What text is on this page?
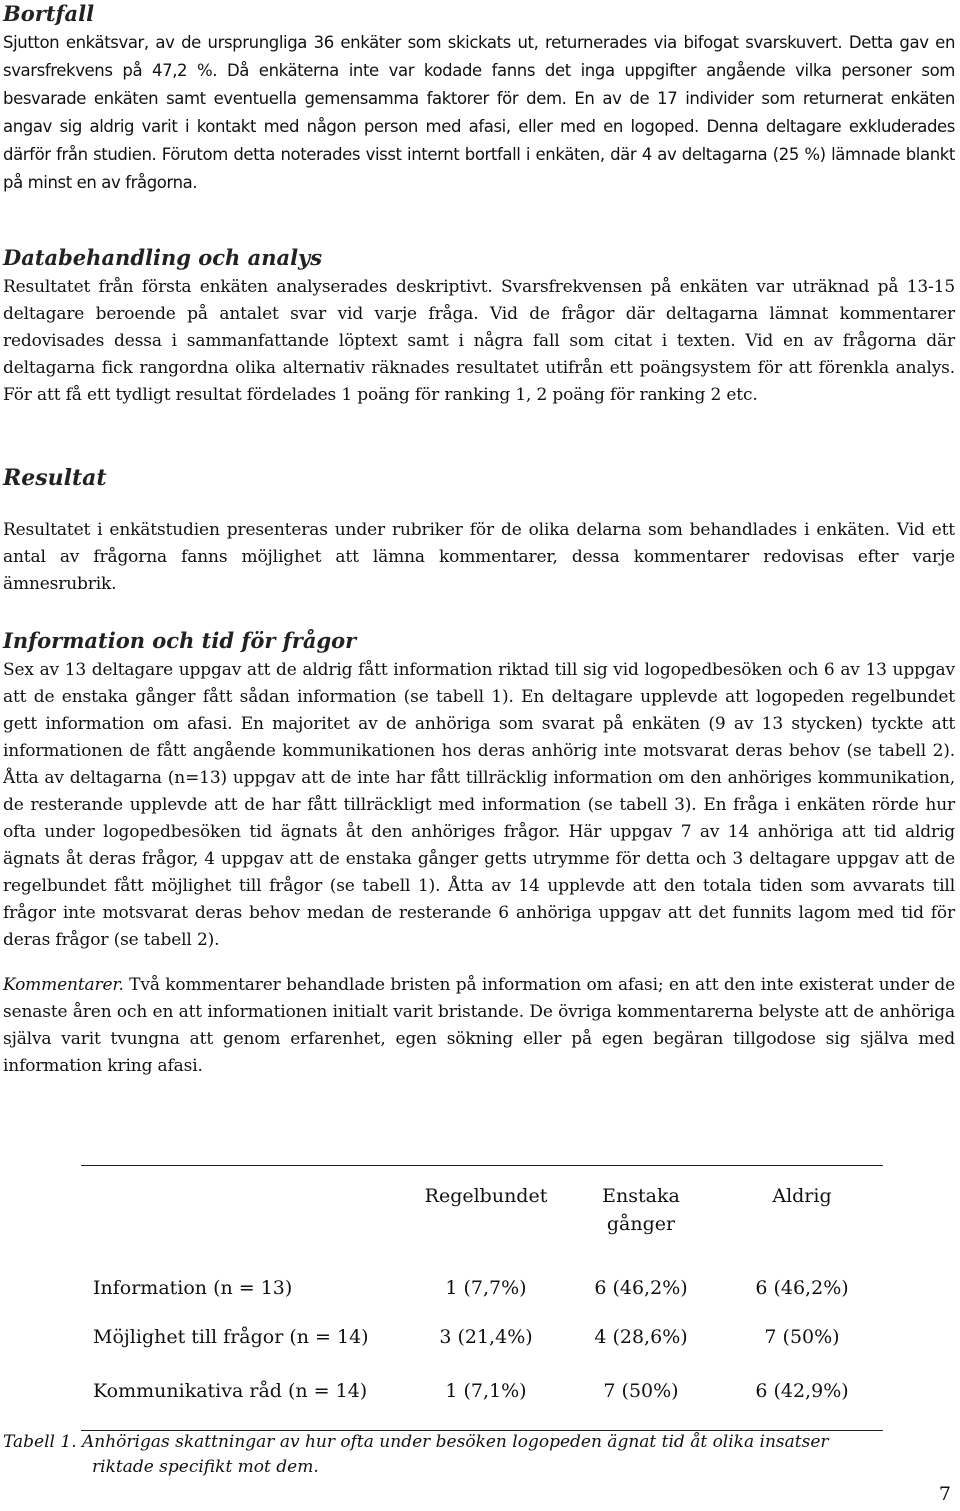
Bortfall

Sjutton enkätsvar, av de ursprungliga 36 enkäter som skickats ut, returnerades via bifogat svarskuvert. Detta gav en svarsfrekvens på 47,2 %. Då enkäterna inte var kodade fanns det inga uppgifter angående vilka personer som besvarade enkäten samt eventuella gemensamma faktorer för dem. En av de 17 individer som returnerat enkäten angav sig aldrig varit i kontakt med någon person med afasi, eller med en logoped. Denna deltagare exkluderades därför från studien. Förutom detta noterades visst internt bortfall i enkäten, där 4 av deltagarna (25 %) lämnade blankt på minst en av frågorna.

Databehandling och analys

Resultatet från första enkäten analyserades deskriptivt. Svarsfrekvensen på enkäten var uträknad på 13-15 deltagare beroende på antalet svar vid varje fråga. Vid de frågor där deltagarna lämnat kommentarer redovisades dessa i sammanfattande löptext samt i några fall som citat i texten. Vid en av frågorna där deltagarna fick rangordna olika alternativ räknades resultatet utifrån ett poängsystem för att förenkla analys. För att få ett tydligt resultat fördelades 1 poäng för ranking 1, 2 poäng för ranking 2 etc.

Resultat

Resultatet i enkätstudien presenteras under rubriker för de olika delarna som behandlades i enkäten. Vid ett antal av frågorna fanns möjlighet att lämna kommentarer, dessa kommentarer redovisas efter varje ämnesrubrik.

Information och tid för frågor

Sex av 13 deltagare uppgav att de aldrig fått information riktad till sig vid logopedbesöken och 6 av 13 uppgav att de enstaka gånger fått sådan information (se tabell 1). En deltagare upplevde att logopeden regelbundet gett information om afasi. En majoritet av de anhöriga som svarat på enkäten (9 av 13 stycken) tyckte att informationen de fått angående kommunikationen hos deras anhörig inte motsvarat deras behov (se tabell 2). Åtta av deltagarna (n=13) uppgav att de inte har fått tillräcklig information om den anhöriges kommunikation, de resterande upplevde att de har fått tillräckligt med information (se tabell 3). En fråga i enkäten rörde hur ofta under logopedbesöken tid ägnats åt den anhöriges frågor. Här uppgav 7 av 14 anhöriga att tid aldrig ägnats åt deras frågor, 4 uppgav att de enstaka gånger getts utrymme för detta och 3 deltagare uppgav att de regelbundet fått möjlighet till frågor (se tabell 1). Åtta av 14 upplevde att den totala tiden som avvarats till frågor inte motsvarat deras behov medan de resterande 6 anhöriga uppgav att det funnits lagom med tid för deras frågor (se tabell 2).

Kommentarer. Två kommentarer behandlade bristen på information om afasi; en att den inte existerat under de senaste åren och en att informationen initialt varit bristande. De övriga kommentarerna belyste att de anhöriga själva varit tvungna att genom erfarenhet, egen sökning eller på egen begäran tillgodose sig själva med information kring afasi.

	Regelbundet	Enstaka gånger	Aldrig
Information (n = 13)	1 (7,7%)	6 (46,2%)	6 (46,2%)
Möjlighet till frågor (n = 14)	3 (21,4%)	4 (28,6%)	7 (50%)
Kommunikativa råd (n = 14)	1 (7,1%)	7 (50%)	6 (42,9%)

Tabell 1. Anhörigas skattningar av hur ofta under besöken logopeden ägnat tid åt olika insatser
riktade specifikt mot dem.

7
